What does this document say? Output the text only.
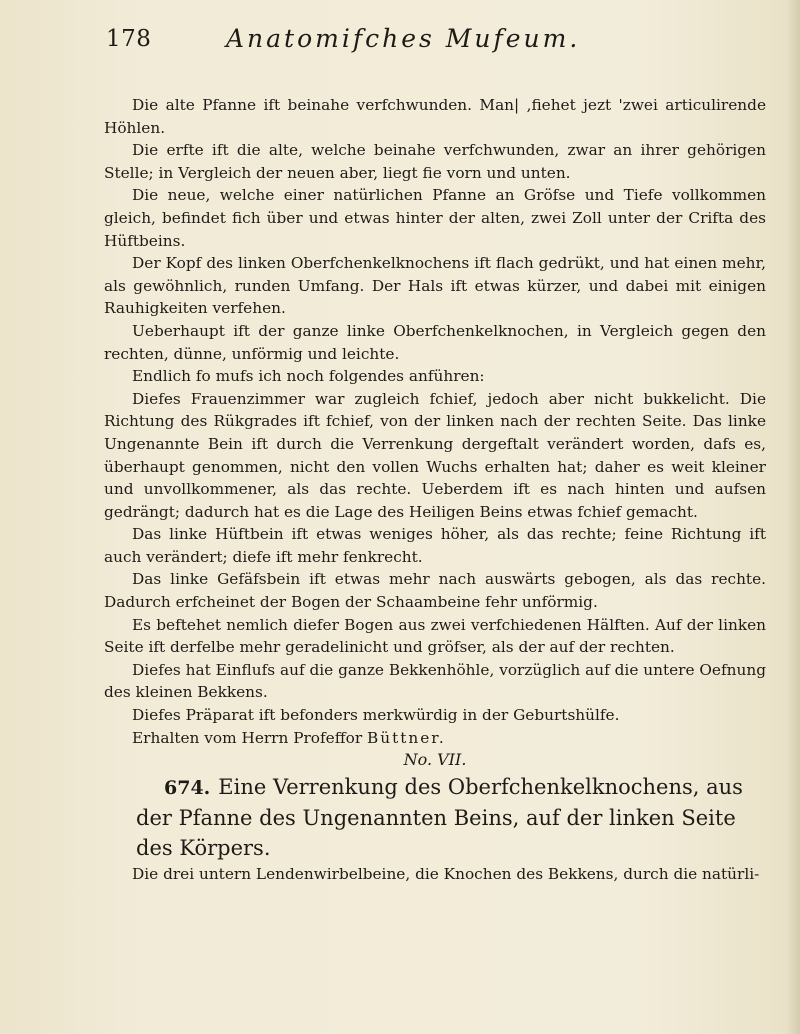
178	Anatomifches Mufeum.

Die alte Pfanne ift beinahe verfchwunden. Man| ,fiehet jezt 'zwei articulirende Höhlen.

Die erfte ift die alte, welche beinahe verfchwunden, zwar an ihrer gehörigen Stelle; in Vergleich der neuen aber, liegt fie vorn und unten.

Die neue, welche einer natürlichen Pfanne an Gröfse und Tiefe vollkommen gleich, befindet fich über und etwas hinter der alten, zwei Zoll unter der Crifta des Hüftbeins.

Der Kopf des linken Oberfchenkelknochens ift flach gedrükt, und hat einen mehr, als gewöhnlich, runden Umfang. Der Hals ift etwas kürzer, und dabei mit einigen Rauhigkeiten verfehen.

Ueberhaupt ift der ganze linke Oberfchenkelknochen, in Vergleich gegen den rechten, dünne, unförmig und leichte.

Endlich fo mufs ich noch folgendes anführen:

Diefes Frauenzimmer war zugleich fchief, jedoch aber nicht bukkelicht. Die Richtung des Rükgrades ift fchief, von der linken nach der rechten Seite. Das linke Ungenannte Bein ift durch die Verrenkung dergeftalt verändert worden, dafs es, überhaupt genommen, nicht den vollen Wuchs erhalten hat; daher es weit kleiner und unvollkommener, als das rechte. Ueberdem ift es nach hinten und aufsen gedrängt; dadurch hat es die Lage des Heiligen Beins etwas fchief gemacht.

Das linke Hüftbein ift etwas weniges höher, als das rechte; feine Richtung ift auch verändert; diefe ift mehr fenkrecht.

Das linke Gefäfsbein ift etwas mehr nach auswärts gebogen, als das rechte. Dadurch erfcheinet der Bogen der Schaambeine fehr unförmig.

Es beftehet nemlich diefer Bogen aus zwei verfchiedenen Hälften. Auf der linken Seite ift derfelbe mehr geradelinicht und gröfser, als der auf der rechten.

Diefes hat Einflufs auf die ganze Bekkenhöhle, vorzüglich auf die untere Oefnung des kleinen Bekkens.

Diefes Präparat ift befonders merkwürdig in der Geburtshülfe.

Erhalten vom Herrn Profeffor Büttner.

No. VII.

674. Eine Verrenkung des Oberfchenkelknochens, aus der Pfanne des Ungenannten Beins, auf der linken Seite des Körpers.

Die drei untern Lendenwirbelbeine, die Knochen des Bekkens, durch die natürli-
